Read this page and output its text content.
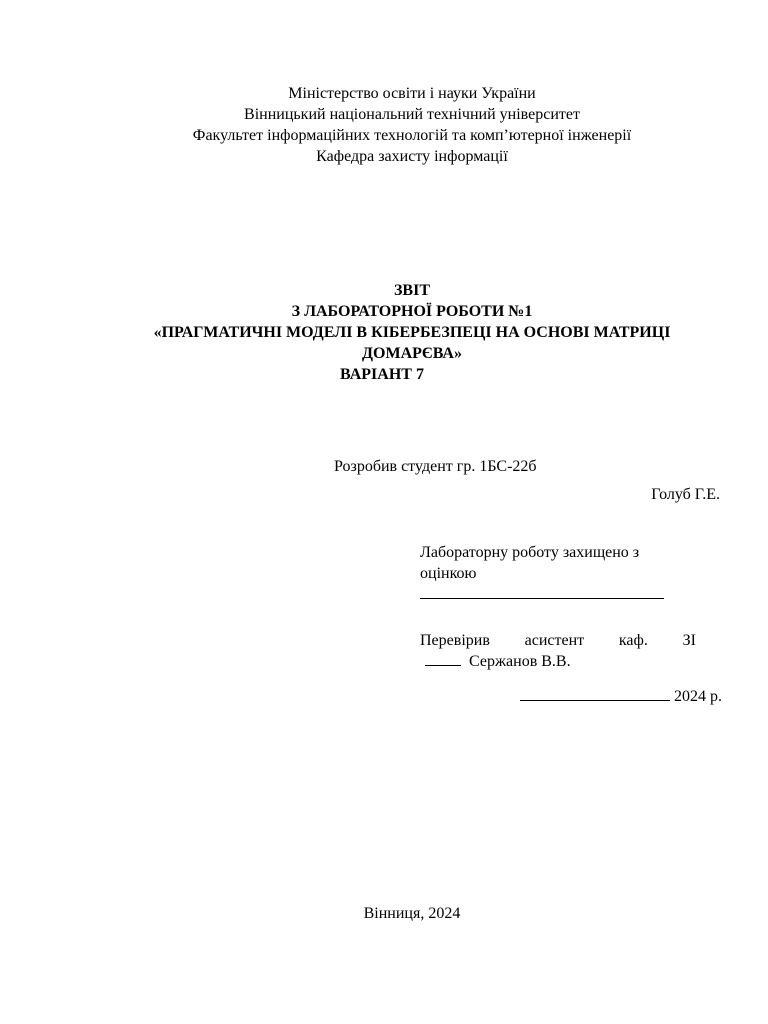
Міністерство освіти і науки України
Вінницький національний технічний університет
Факультет інформаційних технологій та комп’ютерної інженерії
Кафедра захисту інформації
ЗВІТ
З ЛАБОРАТОРНОЇ РОБОТИ №1
«ПРАГМАТИЧНІ МОДЕЛІ В КІБЕРБЕЗПЕЦІ НА ОСНОВІ МАТРИЦІ ДОМАРЄВА»
ВАРІАНТ 7
Розробив студент гр. 1БС-22б
Голуб Г.Е.
Лабораторну роботу захищено з оцінкою
Перевірив асистент каф. ЗІ
Сержанов В.В.
2024 р.
Вінниця, 2024
